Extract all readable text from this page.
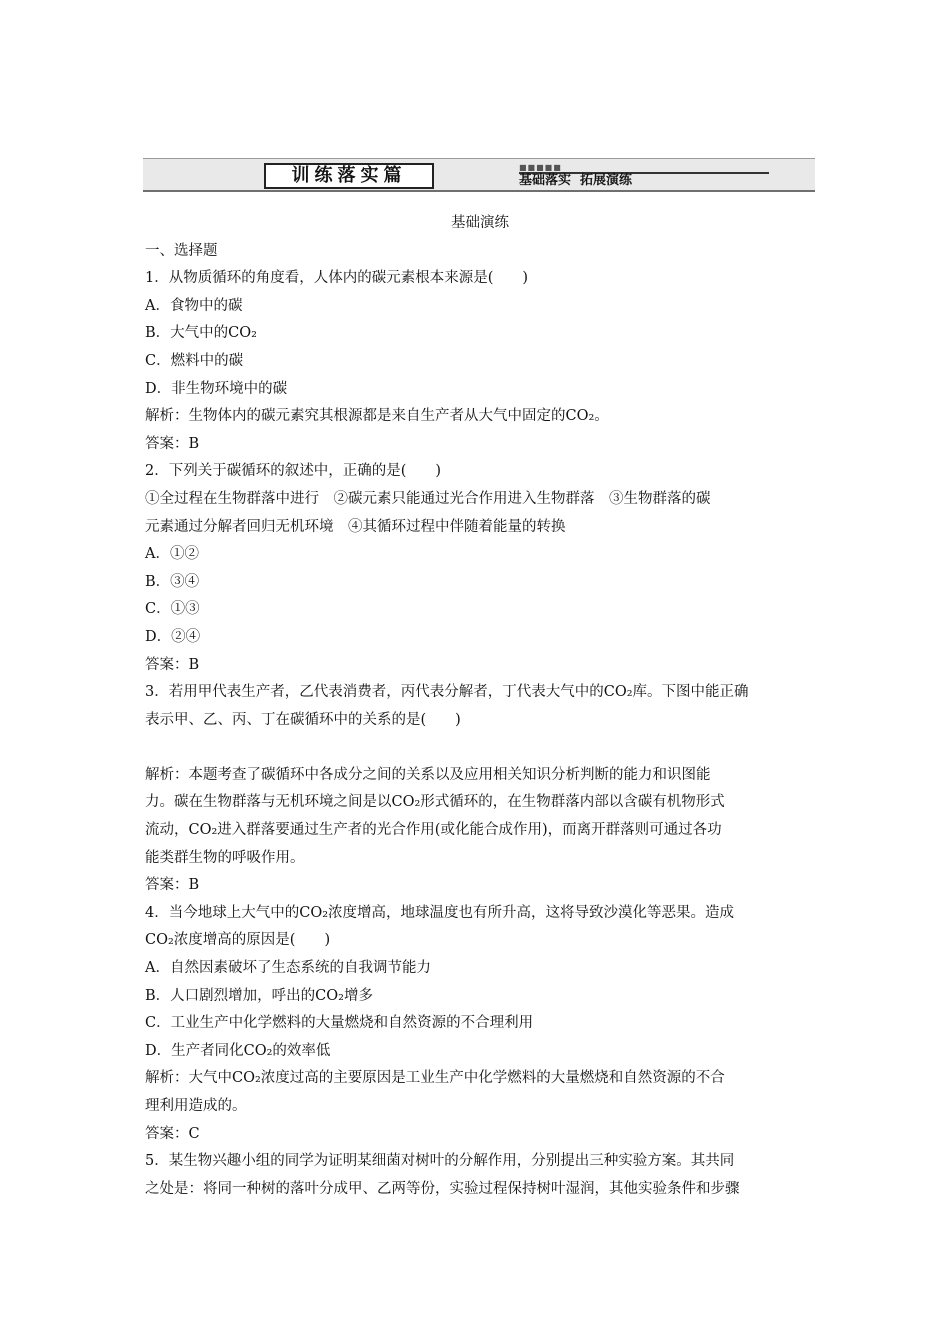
训练落实篇	■■■■■
基础落实  拓展演练

基础演练

一、选择题

1．从物质循环的角度看，人体内的碳元素根本来源是(　　)

A．食物中的碳

B．大气中的CO₂

C．燃料中的碳

D．非生物环境中的碳

解析：生物体内的碳元素究其根源都是来自生产者从大气中固定的CO₂。

答案：B

2．下列关于碳循环的叙述中，正确的是(　　)

①全过程在生物群落中进行　②碳元素只能通过光合作用进入生物群落　③生物群落的碳

元素通过分解者回归无机环境　④其循环过程中伴随着能量的转换

A．①②

B．③④

C．①③

D．②④

答案：B

3．若用甲代表生产者，乙代表消费者，丙代表分解者，丁代表大气中的CO₂库。下图中能正确

表示甲、乙、丙、丁在碳循环中的关系的是(　　)

解析：本题考查了碳循环中各成分之间的关系以及应用相关知识分析判断的能力和识图能

力。碳在生物群落与无机环境之间是以CO₂形式循环的，在生物群落内部以含碳有机物形式

流动，CO₂进入群落要通过生产者的光合作用(或化能合成作用)，而离开群落则可通过各功

能类群生物的呼吸作用。

答案：B

4．当今地球上大气中的CO₂浓度增高，地球温度也有所升高，这将导致沙漠化等恶果。造成

CO₂浓度增高的原因是(　　)

A．自然因素破坏了生态系统的自我调节能力

B．人口剧烈增加，呼出的CO₂增多

C．工业生产中化学燃料的大量燃烧和自然资源的不合理利用

D．生产者同化CO₂的效率低

解析：大气中CO₂浓度过高的主要原因是工业生产中化学燃料的大量燃烧和自然资源的不合

理利用造成的。

答案：C

5．某生物兴趣小组的同学为证明某细菌对树叶的分解作用，分别提出三种实验方案。其共同

之处是：将同一种树的落叶分成甲、乙两等份，实验过程保持树叶湿润，其他实验条件和步骤
